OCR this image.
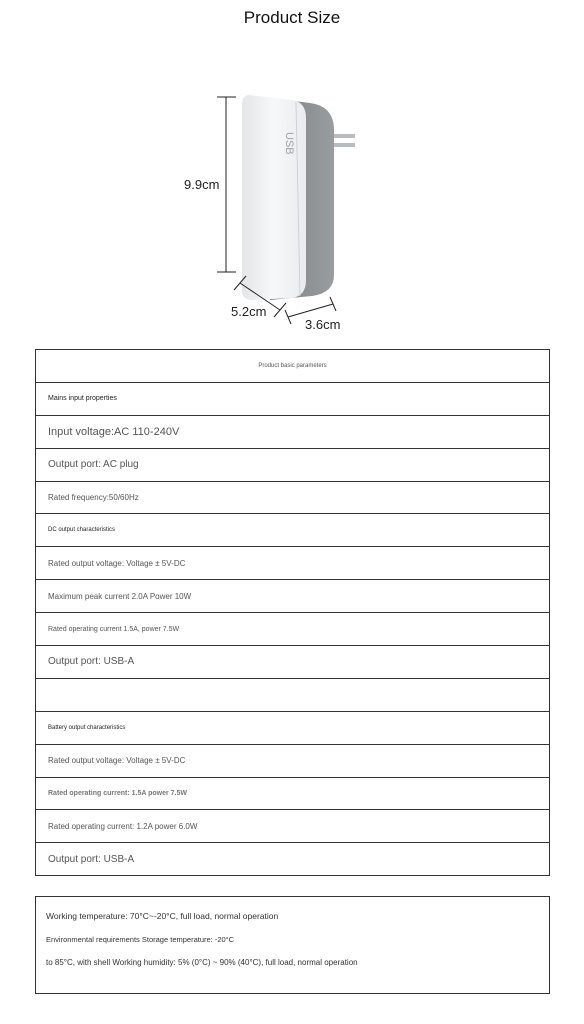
Product Size
USB
9.9cm
5.2cm
3.6cm
Product basic parameters
Mains input properties
Input voltage:AC 110-240V
Output port: AC plug
Rated frequency:50/60Hz
DC output characteristics
Rated output voltage: Voltage ± 5V-DC
Maximum peak current 2.0A Power 10W
Rated operating current 1.5A, power 7.5W
Output port: USB-A

Battery output characteristics
Rated output voltage: Voltage ± 5V-DC
Rated operating current: 1.5A power 7.5W
Rated operating current: 1.2A power 6.0W
Output port: USB-A
Working temperature: 70°C~-20°C, full load, normal operation
Environmental requirements Storage temperature: -20°C
to 85°C, with shell Working humidity: 5% (0°C) ~ 90% (40°C), full load, normal operation
